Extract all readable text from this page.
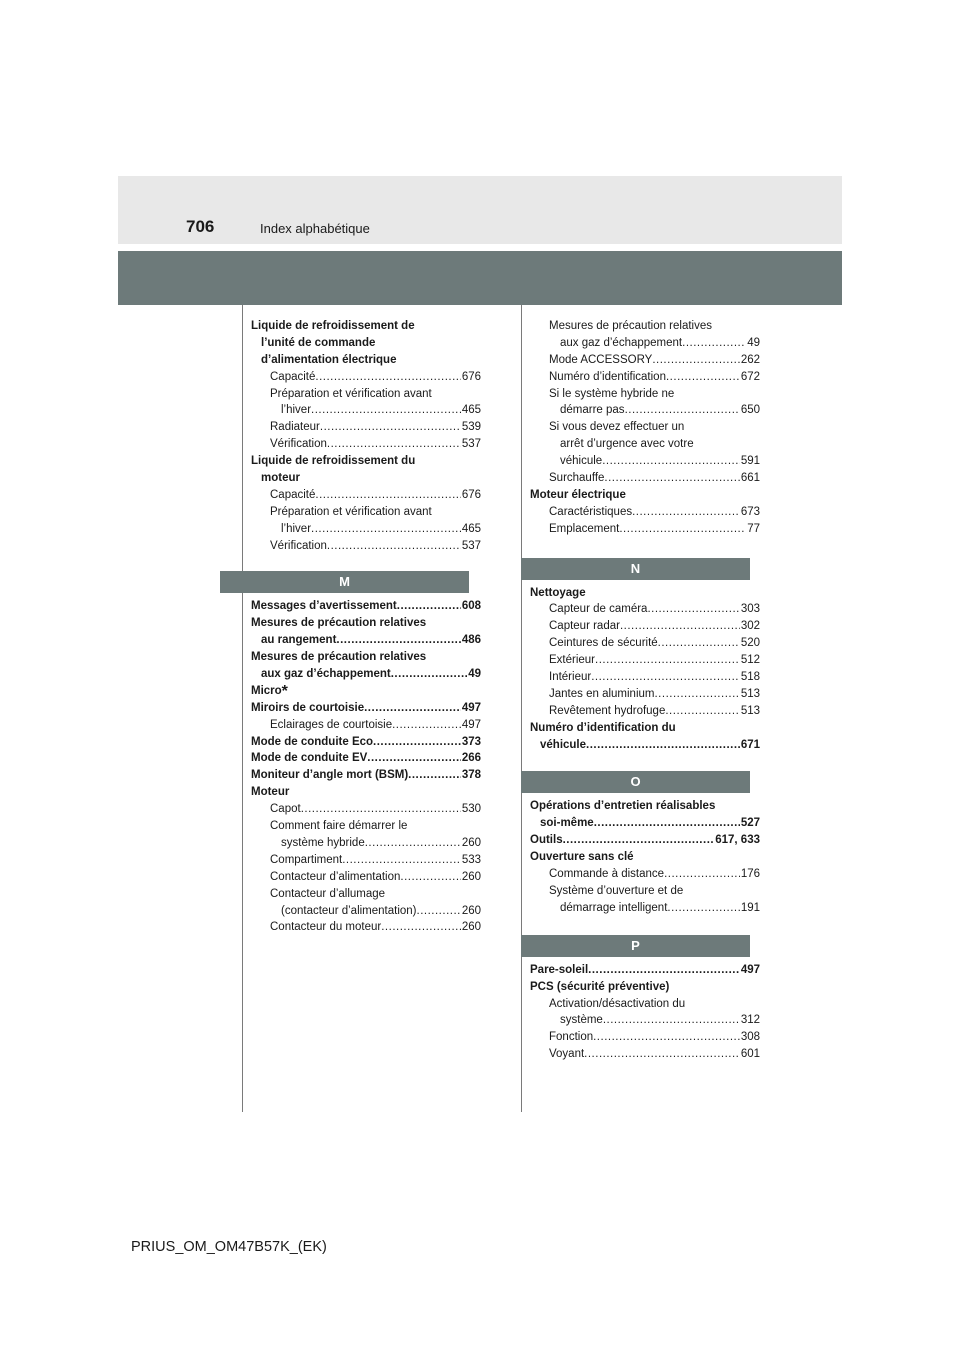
706	Index alphabétique
Liquide de refroidissement de
l’unité de commande
d’alimentation électrique
Capacité .....	676
Préparation et vérification avant
l’hiver .....	465
Radiateur .....	539
Vérification .....	537
Liquide de refroidissement du
moteur
Capacité .....	676
Préparation et vérification avant
l’hiver .....	465
Vérification .....	537
M
Messages d’avertissement .....	608
Mesures de précaution relatives
au rangement .....	486
Mesures de précaution relatives
aux gaz d’échappement .....	49
Micro*
Miroirs de courtoisie .....	497
Eclairages de courtoisie .....	497
Mode de conduite Eco .....	373
Mode de conduite EV .....	266
Moniteur d’angle mort (BSM) .....	378
Moteur
Capot .....	530
Comment faire démarrer le
système hybride .....	260
Compartiment .....	533
Contacteur d’alimentation .....	260
Contacteur d’allumage
(contacteur d’alimentation) .....	260
Contacteur du moteur .....	260
Mesures de précaution relatives
aux gaz d’échappement .....	49
Mode ACCESSORY .....	262
Numéro d’identification .....	672
Si le système hybride ne
démarre pas .....	650
Si vous devez effectuer un
arrêt d’urgence avec votre
véhicule .....	591
Surchauffe .....	661
Moteur électrique
Caractéristiques .....	673
Emplacement .....	77
N
Nettoyage
Capteur de caméra .....	303
Capteur radar .....	302
Ceintures de sécurité .....	520
Extérieur .....	512
Intérieur .....	518
Jantes en aluminium .....	513
Revêtement hydrofuge .....	513
Numéro d’identification du
véhicule .....	671
O
Opérations d’entretien réalisables
soi-même .....	527
Outils .....	617, 633
Ouverture sans clé
Commande à distance .....	176
Système d’ouverture et de
démarrage intelligent .....	191
P
Pare-soleil .....	497
PCS (sécurité préventive)
Activation/désactivation du
système .....	312
Fonction .....	308
Voyant .....	601
PRIUS_OM_OM47B57K_(EK)
